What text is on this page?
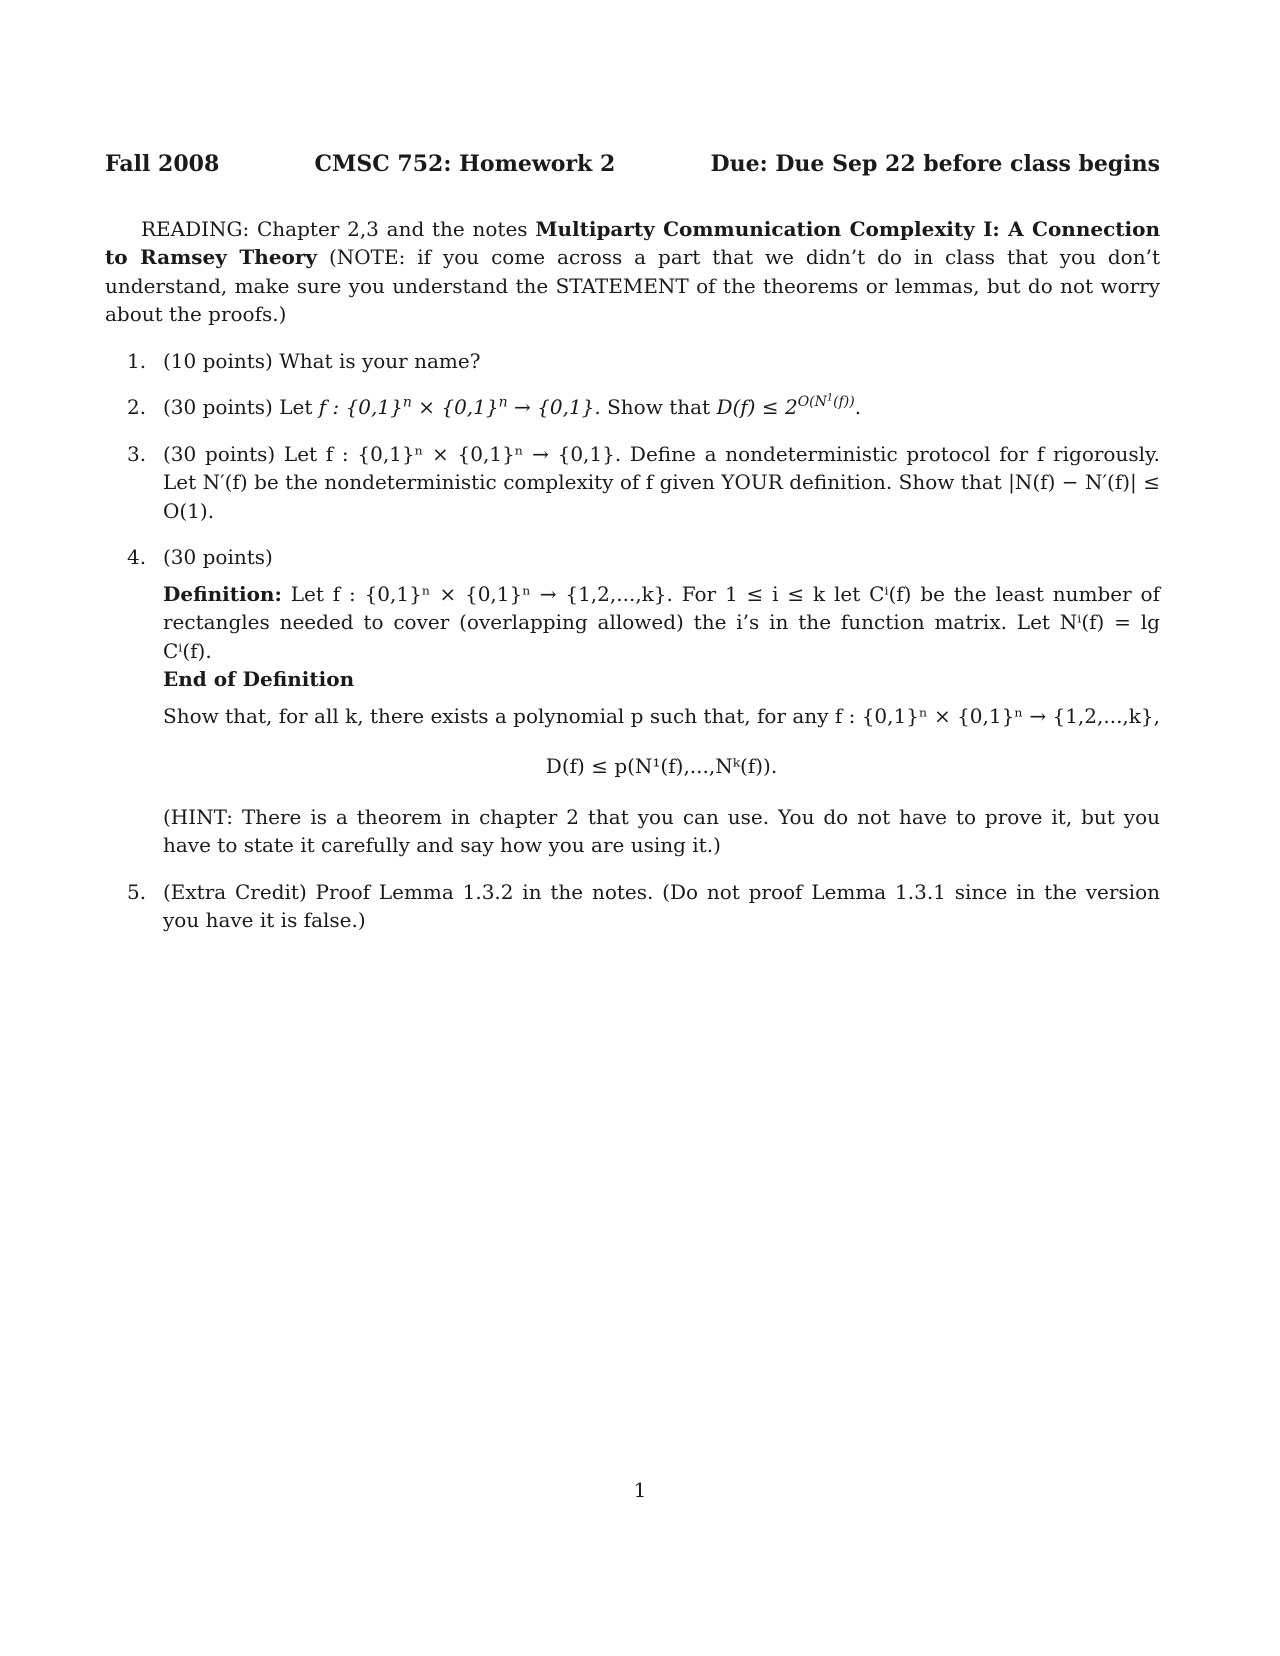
Fall 2008	CMSC 752: Homework 2	Due: Due Sep 22 before class begins

READING: Chapter 2,3 and the notes Multiparty Communication Complexity I: A Connection to Ramsey Theory (NOTE: if you come across a part that we didn’t do in class that you don’t understand, make sure you understand the STATEMENT of the theorems or lemmas, but do not worry about the proofs.)

1. (10 points) What is your name?
2. (30 points) Let f : $\{0,1\}^n \times \{0,1\}^n \to \{0,1\}$. Show that $D(f) \le 2^{O(N^1(f))}$.
3. (30 points) Let f : {0,1}ⁿ × {0,1}ⁿ → {0,1}. Define a nondeterministic protocol for f rigorously. Let N′(f) be the nondeterministic complexity of f given YOUR definition. Show that |N(f) − N′(f)| ≤ O(1).
4. (30 points)
Definition: Let f : {0,1}ⁿ × {0,1}ⁿ → {1,2,...,k}. For 1 ≤ i ≤ k let Cⁱ(f) be the least number of rectangles needed to cover (overlapping allowed) the i’s in the function matrix. Let Nⁱ(f) = lg Cⁱ(f).
End of Definition
Show that, for all k, there exists a polynomial p such that, for any f : {0,1}ⁿ × {0,1}ⁿ → {1,2,...,k},
D(f) ≤ p(N¹(f),...,Nᵏ(f)).
(HINT: There is a theorem in chapter 2 that you can use. You do not have to prove it, but you have to state it carefully and say how you are using it.)
5. (Extra Credit) Proof Lemma 1.3.2 in the notes. (Do not proof Lemma 1.3.1 since in the version you have it is false.)
1
